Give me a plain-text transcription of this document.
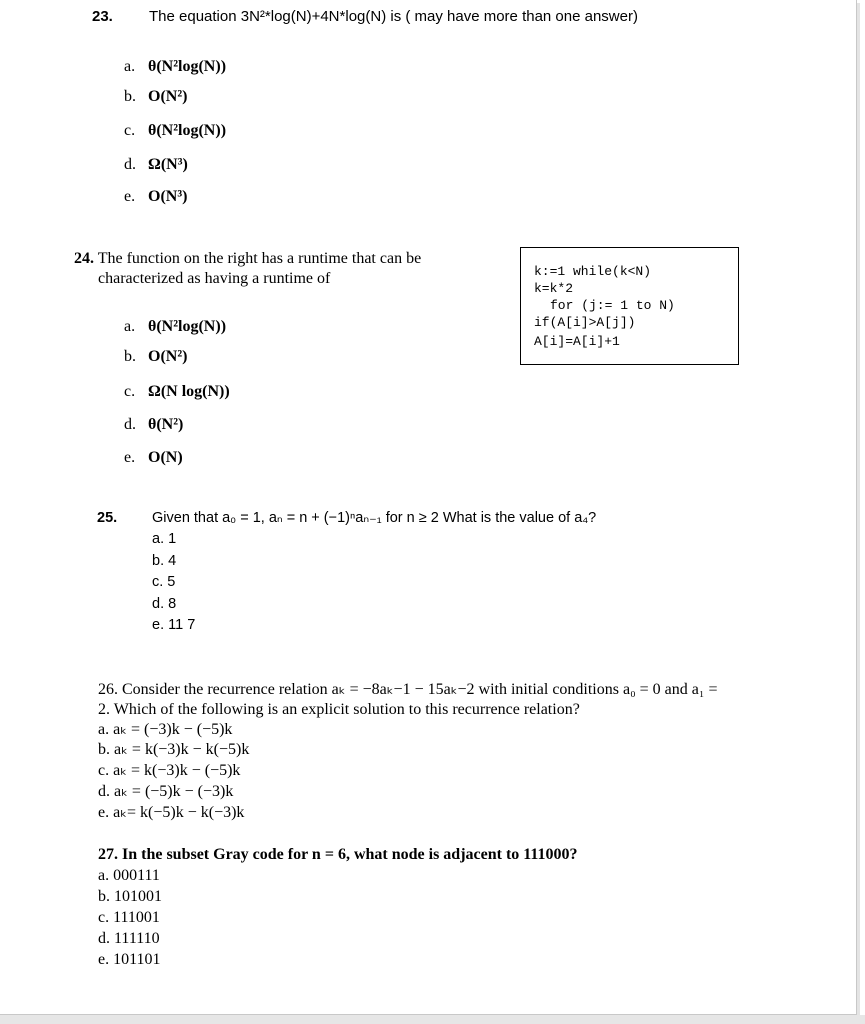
23. The equation 3N²*log(N)+4N*log(N) is ( may have more than one answer)
a. θ(N²log(N))
b. O(N²)
c. θ(N²log(N))
d. Ω(N³)
e. O(N³)
24. The function on the right has a runtime that can be
characterized as having a runtime of	k:=1 while(k<N)
k=k*2
for (j:= 1 to N)
if(A[i]>A[j])
A[i]=A[i]+1
a. θ(N²log(N))
b. O(N²)
c. Ω(N log(N))
d. θ(N²)
e. O(N)
25. Given that a₀ = 1, aₙ = n + (−1)ⁿaₙ₋₁ for n ≥ 2 What is the value of a₄?
a. 1
b. 4
c. 5
d. 8
e. 11 7
26. Consider the recurrence relation aₖ = −8aₖ−1 − 15aₖ−2 with initial conditions a₀ = 0 and a₁ =
2. Which of the following is an explicit solution to this recurrence relation?
a. aₖ = (−3)k − (−5)k
b. aₖ = k(−3)k − k(−5)k
c. aₖ = k(−3)k − (−5)k
d. aₖ = (−5)k − (−3)k
e. aₖ= k(−5)k − k(−3)k
27. In the subset Gray code for n = 6, what node is adjacent to 111000?
a. 000111
b. 101001
c. 111001
d. 111110
e. 101101
